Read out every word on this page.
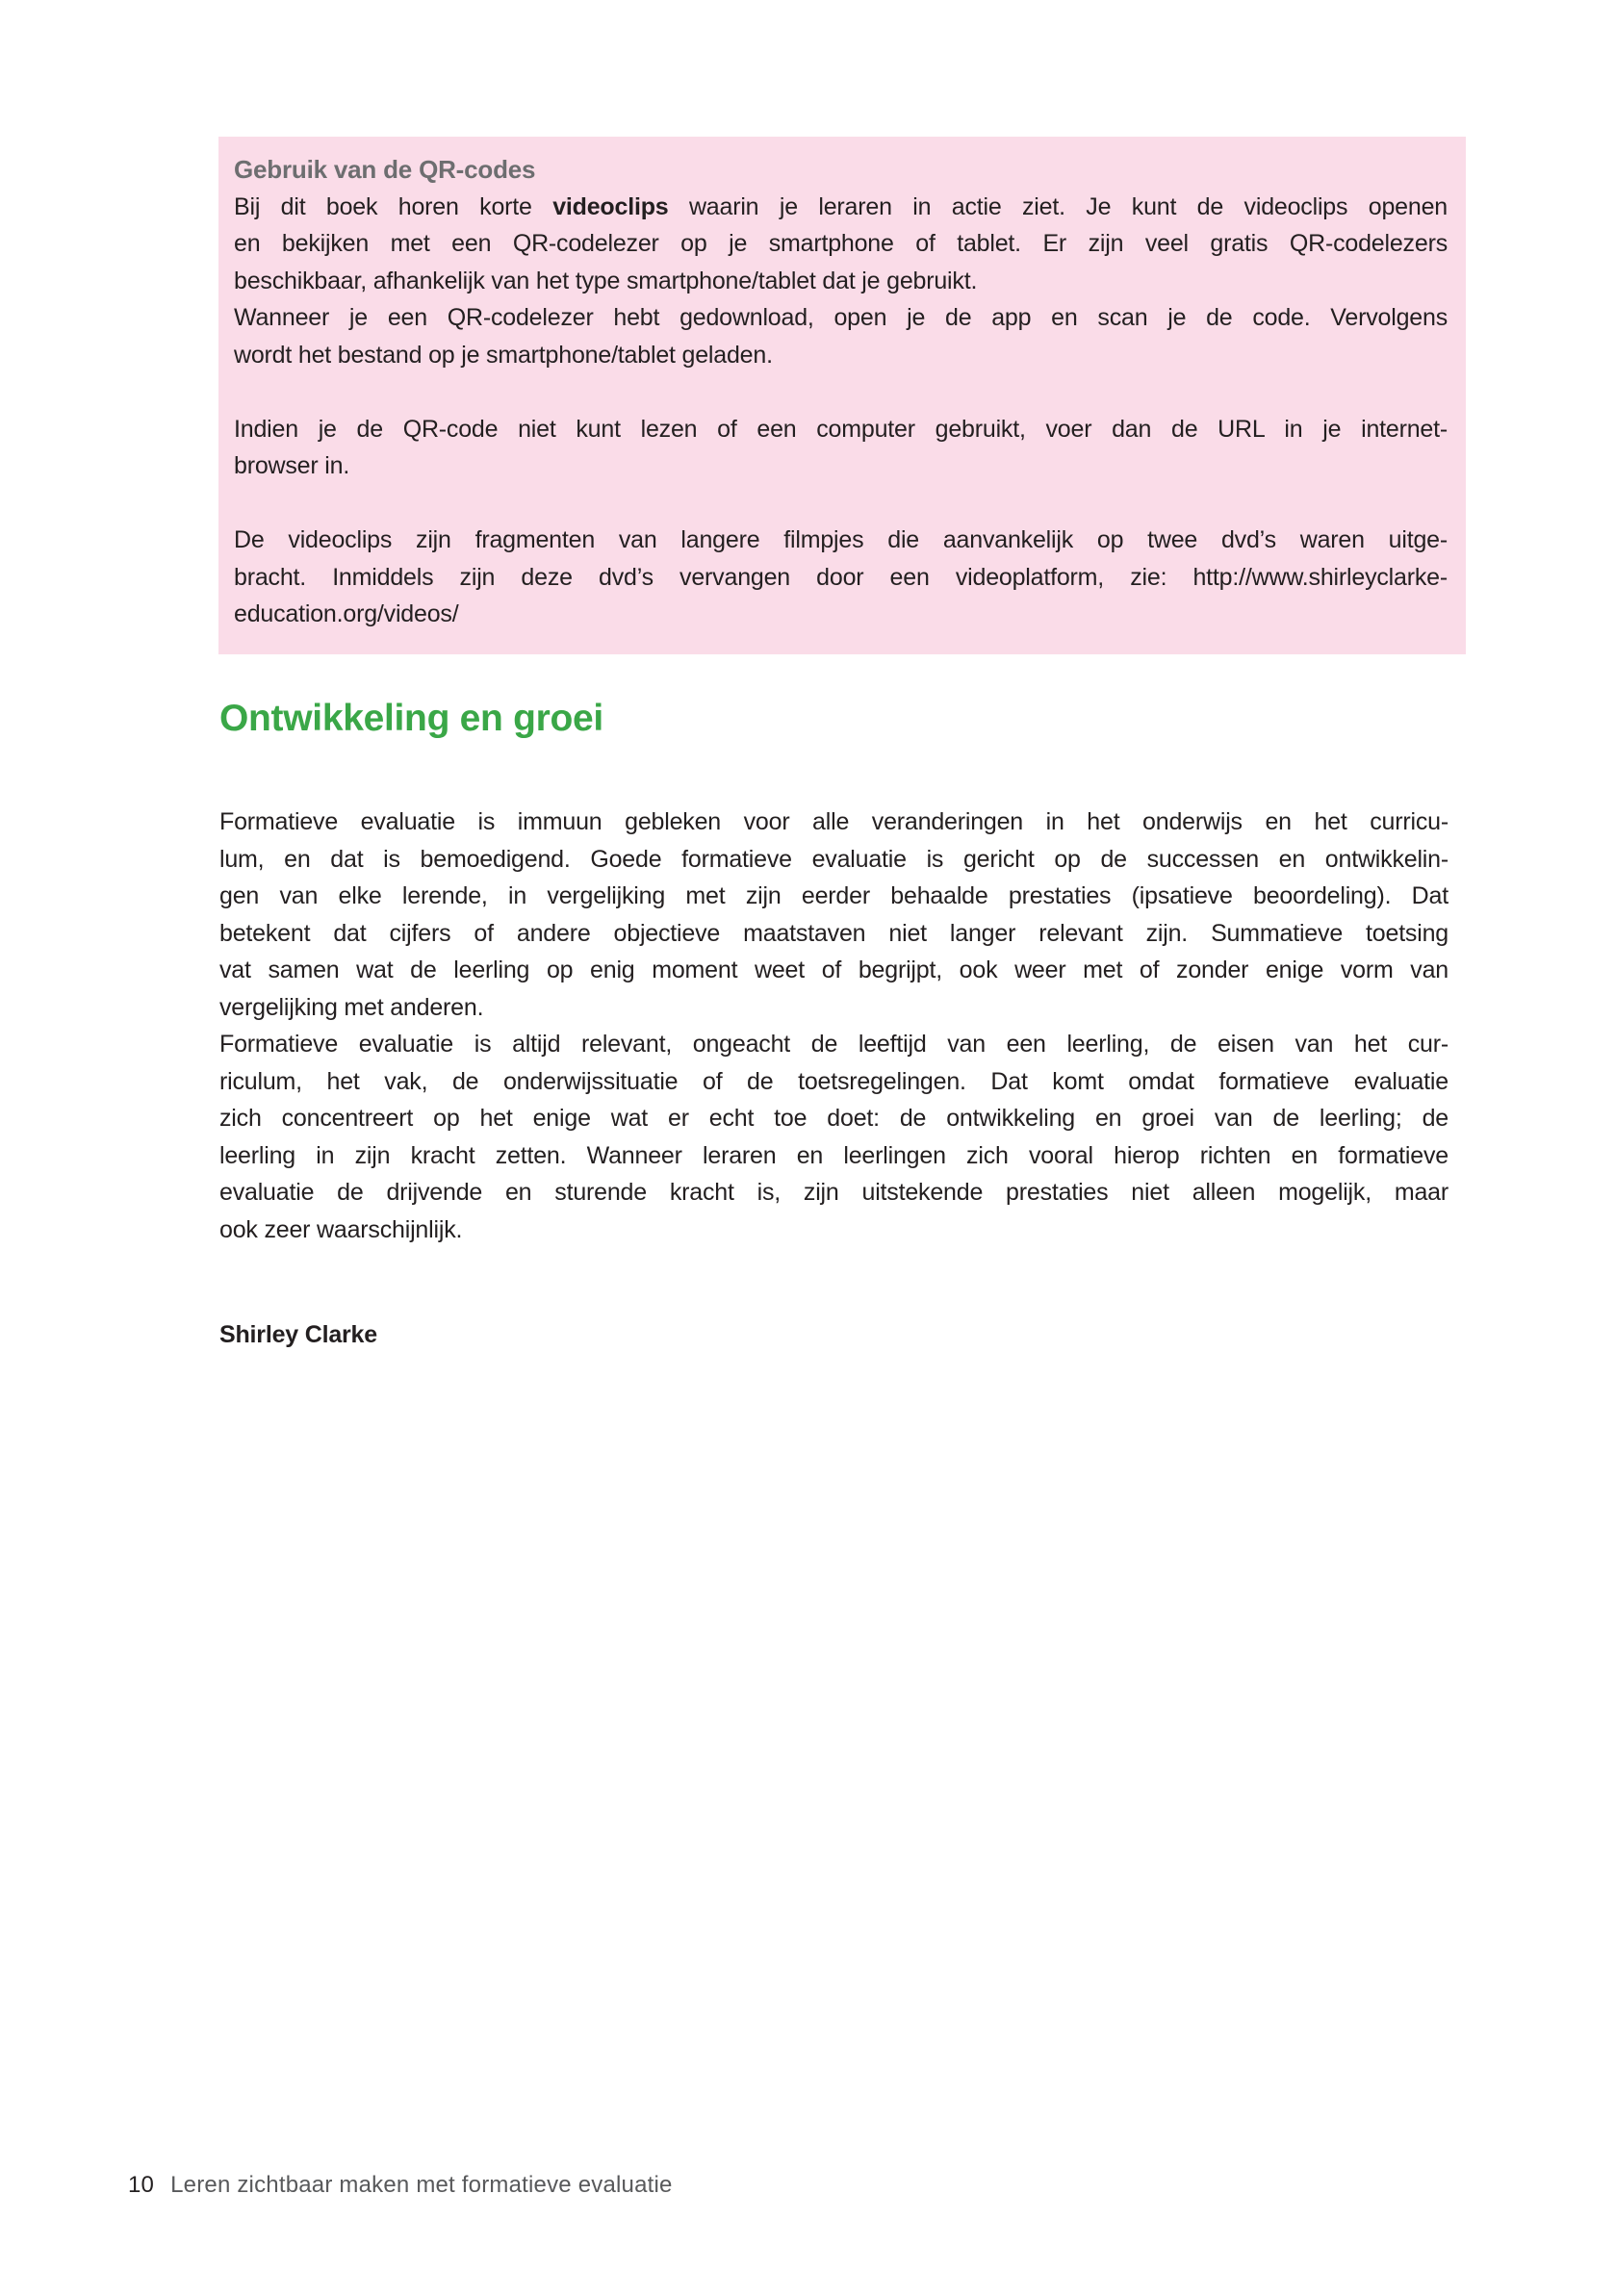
Gebruik van de QR-codes
Bij dit boek horen korte videoclips waarin je leraren in actie ziet. Je kunt de videoclips openen
en bekijken met een QR-codelezer op je smartphone of tablet. Er zijn veel gratis QR-codelezers
beschikbaar, afhankelijk van het type smartphone/tablet dat je gebruikt.
Wanneer je een QR-codelezer hebt gedownload, open je de app en scan je de code. Vervolgens
wordt het bestand op je smartphone/tablet geladen.
Indien je de QR-code niet kunt lezen of een computer gebruikt, voer dan de URL in je internet-
browser in.
De videoclips zijn fragmenten van langere filmpjes die aanvankelijk op twee dvd’s waren uitge-
bracht. Inmiddels zijn deze dvd’s vervangen door een videoplatform, zie: http://www.shirleyclarke-
education.org/videos/
Ontwikkeling en groei
Formatieve evaluatie is immuun gebleken voor alle veranderingen in het onderwijs en het curricu-
lum, en dat is bemoedigend. Goede formatieve evaluatie is gericht op de successen en ontwikkelin-
gen van elke lerende, in vergelijking met zijn eerder behaalde prestaties (ipsatieve beoordeling). Dat
betekent dat cijfers of andere objectieve maatstaven niet langer relevant zijn. Summatieve toetsing
vat samen wat de leerling op enig moment weet of begrijpt, ook weer met of zonder enige vorm van
vergelijking met anderen.
Formatieve evaluatie is altijd relevant, ongeacht de leeftijd van een leerling, de eisen van het cur-
riculum, het vak, de onderwijssituatie of de toetsregelingen. Dat komt omdat formatieve evaluatie
zich concentreert op het enige wat er echt toe doet: de ontwikkeling en groei van de leerling; de
leerling in zijn kracht zetten. Wanneer leraren en leerlingen zich vooral hierop richten en formatieve
evaluatie de drijvende en sturende kracht is, zijn uitstekende prestaties niet alleen mogelijk, maar
ook zeer waarschijnlijk.

Shirley Clarke

10 Leren zichtbaar maken met formatieve evaluatie
